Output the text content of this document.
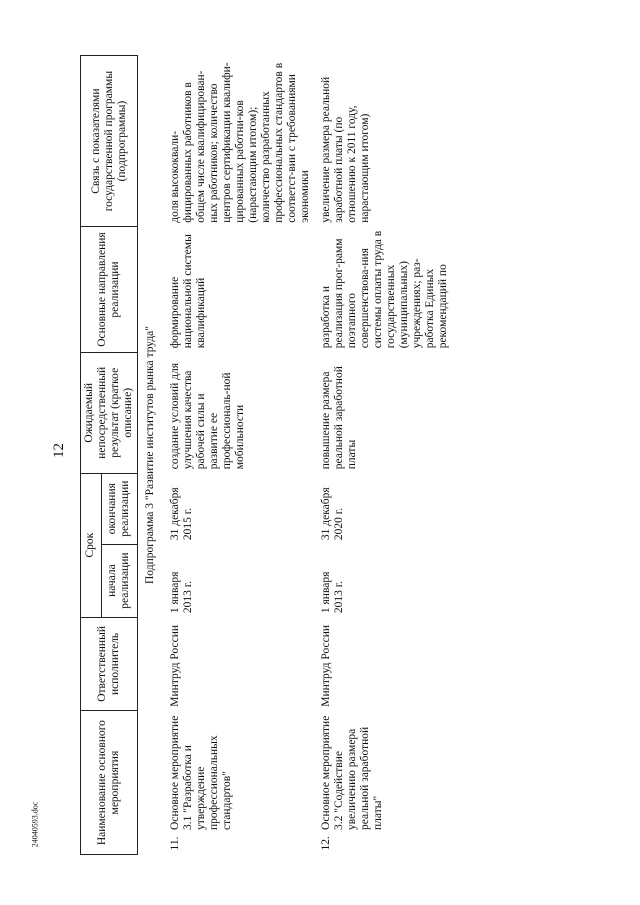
12
24040593.doc	Наименование основного мероприятия		Ответственный исполнитель	Срок		Ожидаемый непосредственный результат (краткое описание)	Основные направления реализации	Связь с показателями государственной программы (подпрограммы)
			начала реализации	окончания реализации			
Подпрограмма 3 "Развитие институтов рынка труда"							
11.	Основное мероприятие 3.1 "Разработка и утверждение профессиональных стандартов"	Минтруд России	1 января 2013 г.	31 декабря 2015 г.	создание условий для улучшения качества рабочей силы и развитие ее профессиональ-ной мобильности	формирование национальной системы квалификаций	доля высококвали-фицированных работников в общем числе квалифицирован-ных работников; количество центров сертификации квалифи-цированных работни-ков (нарастающим итогом); количество разработанных профессиональных стандартов в соответст-вии с требованиями экономики
12.	Основное мероприятие 3.2 "Содействие увеличению размера реальной заработной платы"	Минтруд России	1 января 2013 г.	31 декабря 2020 г.	повышение размера реальной заработной платы	разработка и реализация прог-рамм поэтапного совершенствова-ния системы оплаты труда в государственных (муниципальных) учреждениях; раз-работка Единых рекомендаций по	увеличение размера реальной заработной платы (по отношению к 2011 году, нарастающим итогом)
